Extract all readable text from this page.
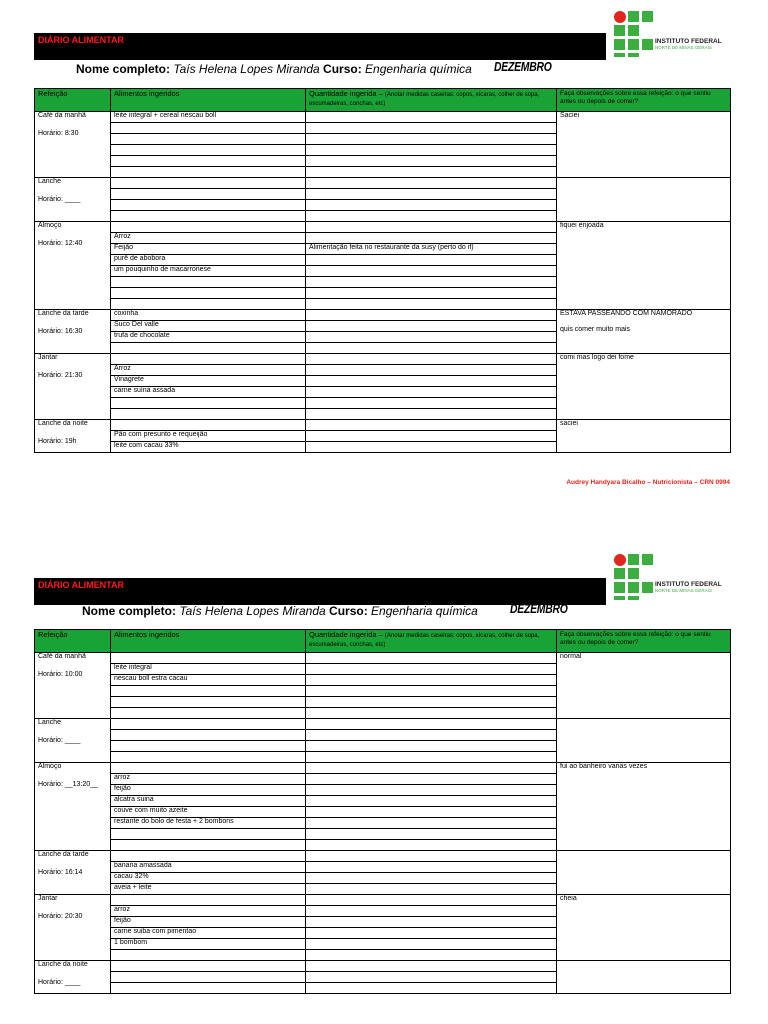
DIÁRIO ALIMENTAR
Nome completo: Taís Helena Lopes Miranda Curso: Engenharia química DEZEMBRO
INSTITUTO FEDERAL
NORTE DE MINAS GERAIS
Refeição	Alimentos ingeridos	Quantidade ingerida – (Anotar medidas caseiras: copos, xícaras, colher de sopa, escumadeiras, conchas, etc)	Faça observações sobre essa refeição: o que sentiu antes ou depois de comer?

Café da manhã
Horário: 8:30	leite integral + cereal nescau boll		Saciei

Lanche
Horário: ____			

Almoço
Horário: 12:40			fiquei enjoada
	Arroz		
	Feijão	Alimentação feita no restaurante da susy (perto do if)	
	purê de abobora		
	um pouquinho de macarronese		

Lanche da tarde
Horário: 16:30	coxinha		ESTAVA PASSEANDO COM NAMORADO

quis comer muito mais
	Suco Del valle		
	trufa de chocolate		

Jantar
Horário: 21:30			comi mas logo dei fome
	Arroz		
	Vinagrete		
	carne suína assada		

Lanche da noite
Horário: 19h			saciei
	Pão com presunto e requeijão		
	leite com cacau 33%		
Audrey Handyara Bicalho – Nutricionista – CRN 0994
DIÁRIO ALIMENTAR
Nome completo: Taís Helena Lopes Miranda Curso: Engenharia química DEZEMBRO
INSTITUTO FEDERAL
NORTE DE MINAS GERAIS
Refeição	Alimentos ingeridos	Quantidade ingerida – (Anotar medidas caseiras: copos, xícaras, colher de sopa, escumadeiras, conchas, etc)	Faça observações sobre essa refeição: o que sentiu antes ou depois de comer?

Café da manhã
Horário: 10:00			normal
	leite integral		
	nescau boll estra cacau		

Lanche
Horário: ____			

Almoço
Horário: __13:20__			fui ao banheiro varias vezes
	arroz		
	feijão		
	alcatra suina		
	couve com muito azeite		
	restante do bolo de festa + 2 bombons		

Lanche da tarde
Horário: 16:14			

	banana amassada		
	cacau 32%		
	aveia + leite		

Jantar
Horário: 20:30			cheia
	arroz		
	feijão		
	carne suiba com pimentao		
	1 bombom		

Lanche da noite
Horário: ____			
